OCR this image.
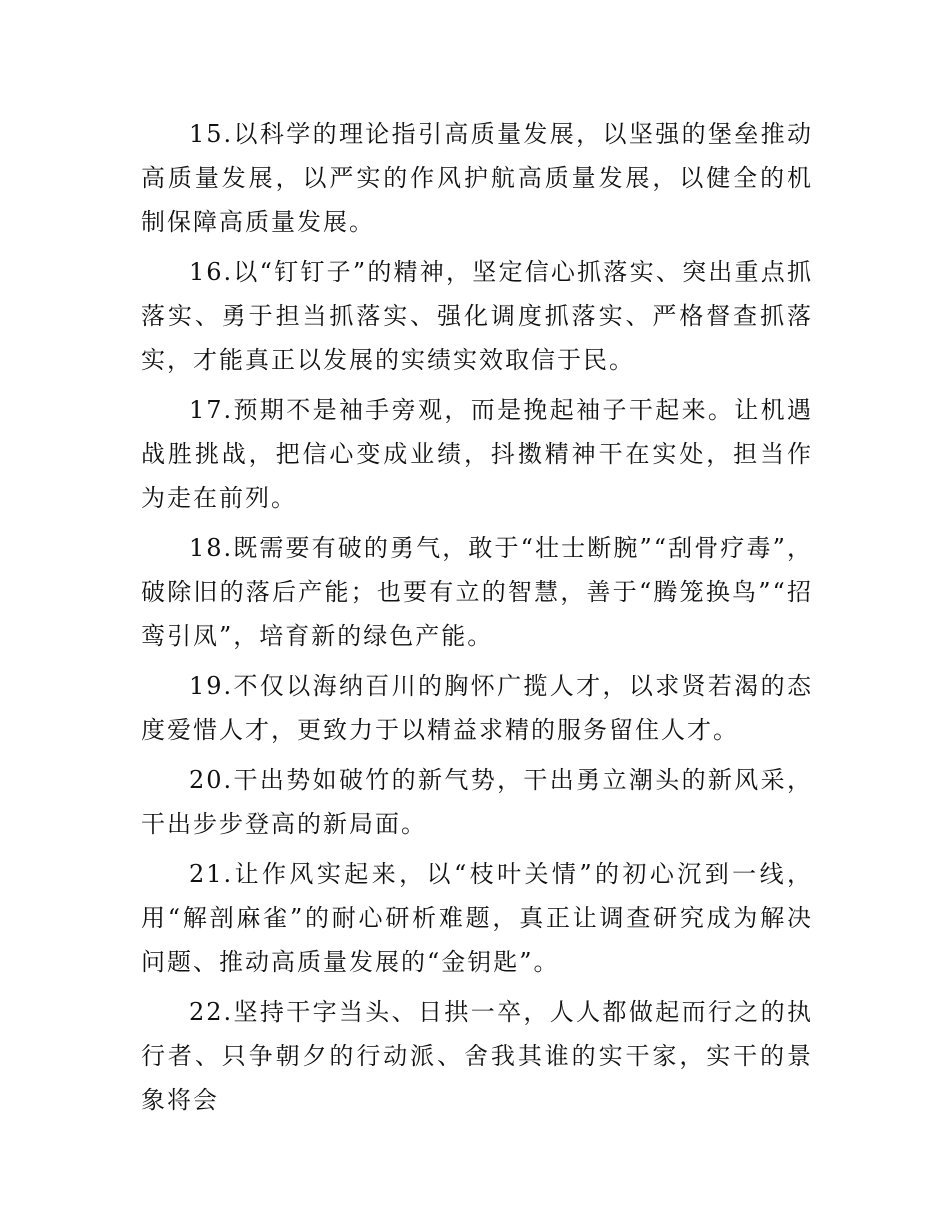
15.以科学的理论指引高质量发展，以坚强的堡垒推动高质量发展，以严实的作风护航高质量发展，以健全的机制保障高质量发展。

16.以“钉钉子”的精神，坚定信心抓落实、突出重点抓落实、勇于担当抓落实、强化调度抓落实、严格督查抓落实，才能真正以发展的实绩实效取信于民。

17.预期不是袖手旁观，而是挽起袖子干起来。让机遇战胜挑战，把信心变成业绩，抖擞精神干在实处，担当作为走在前列。

18.既需要有破的勇气，敢于“壮士断腕”“刮骨疗毒”，破除旧的落后产能；也要有立的智慧，善于“腾笼换鸟”“招鸾引凤”，培育新的绿色产能。

19.不仅以海纳百川的胸怀广揽人才，以求贤若渴的态度爱惜人才，更致力于以精益求精的服务留住人才。

20.干出势如破竹的新气势，干出勇立潮头的新风采，干出步步登高的新局面。

21.让作风实起来，以“枝叶关情”的初心沉到一线，用“解剖麻雀”的耐心研析难题，真正让调查研究成为解决问题、推动高质量发展的“金钥匙”。

22.坚持干字当头、日拱一卒，人人都做起而行之的执行者、只争朝夕的行动派、舍我其谁的实干家，实干的景象将会
